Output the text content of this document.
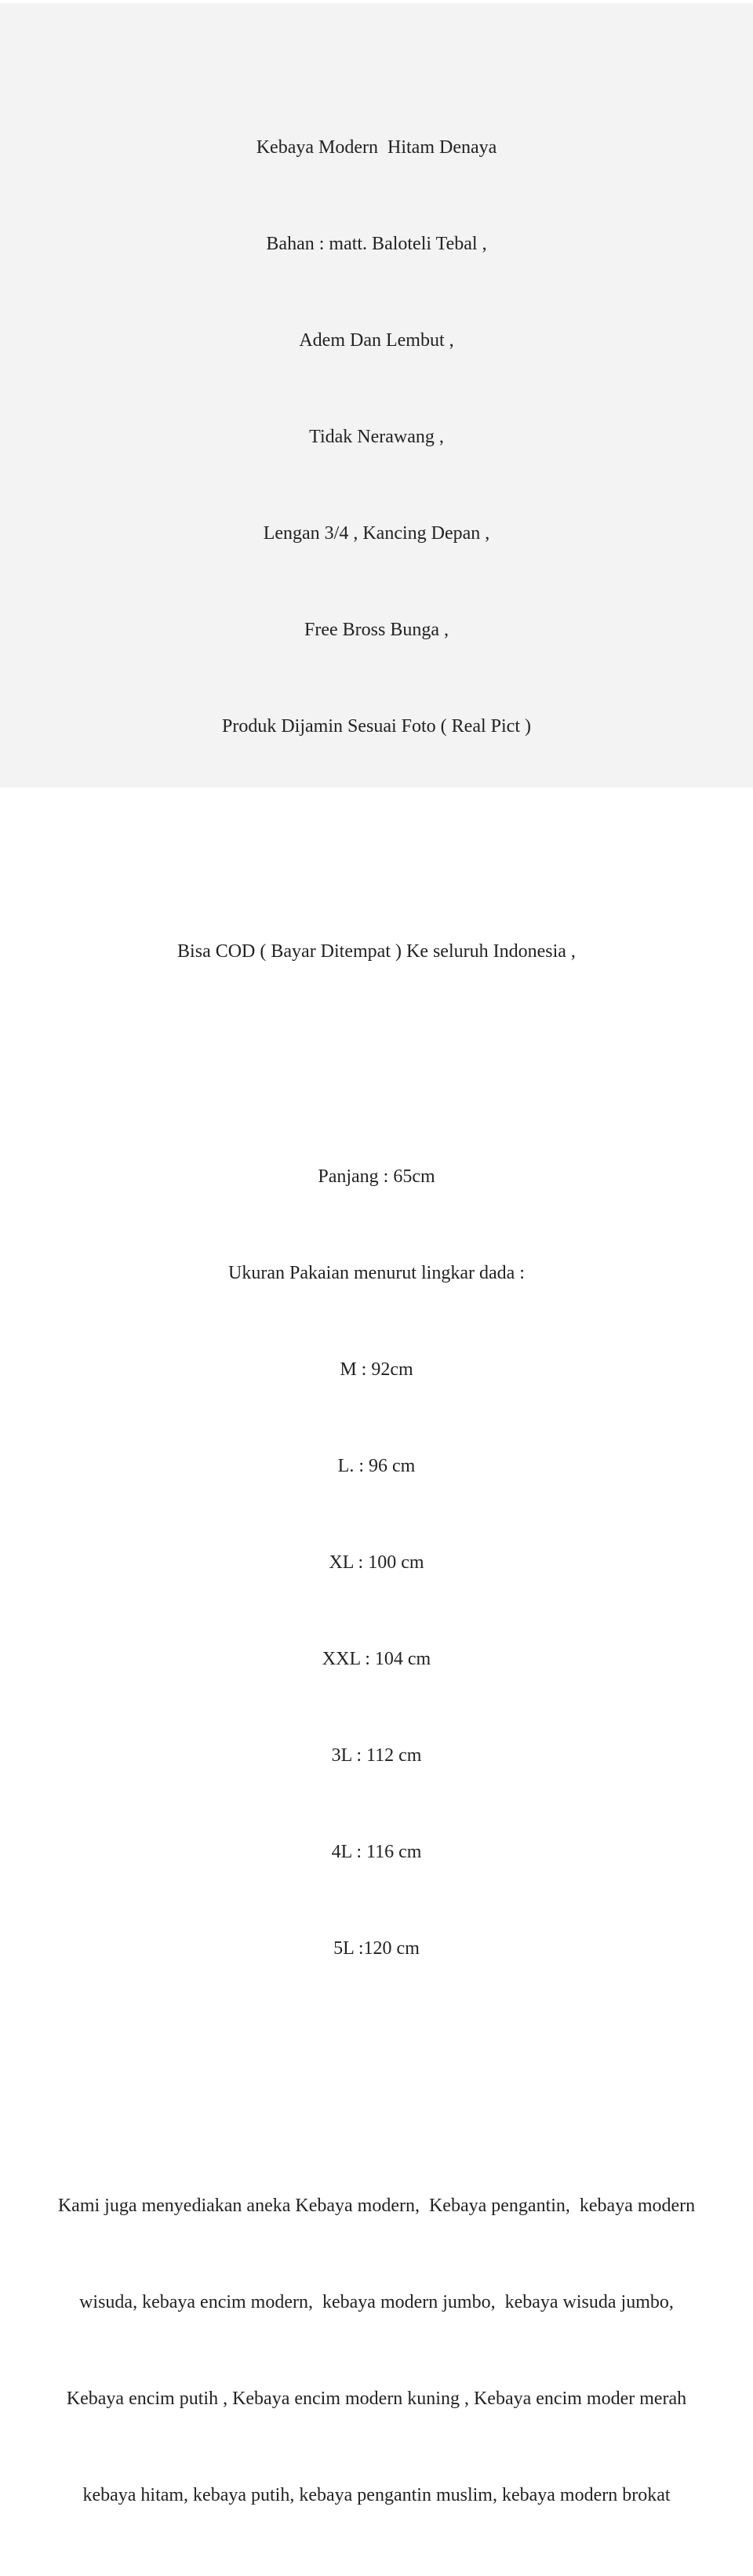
Kebaya Modern  Hitam Denaya

Bahan : matt. Baloteli Tebal ,

Adem Dan Lembut ,

Tidak Nerawang ,

Lengan 3/4 , Kancing Depan ,

Free Bross Bunga ,

Produk Dijamin Sesuai Foto ( Real Pict )

Bisa COD ( Bayar Ditempat ) Ke seluruh Indonesia ,

Panjang : 65cm

Ukuran Pakaian menurut lingkar dada :

M : 92cm

L. : 96 cm

XL : 100 cm

XXL : 104 cm

3L : 112 cm

4L : 116 cm

5L :120 cm

Kami juga menyediakan aneka Kebaya modern,  Kebaya pengantin,  kebaya modern

wisuda, kebaya encim modern,  kebaya modern jumbo,  kebaya wisuda jumbo,

Kebaya encim putih , Kebaya encim modern kuning , Kebaya encim moder merah

kebaya hitam, kebaya putih, kebaya pengantin muslim, kebaya modern brokat
